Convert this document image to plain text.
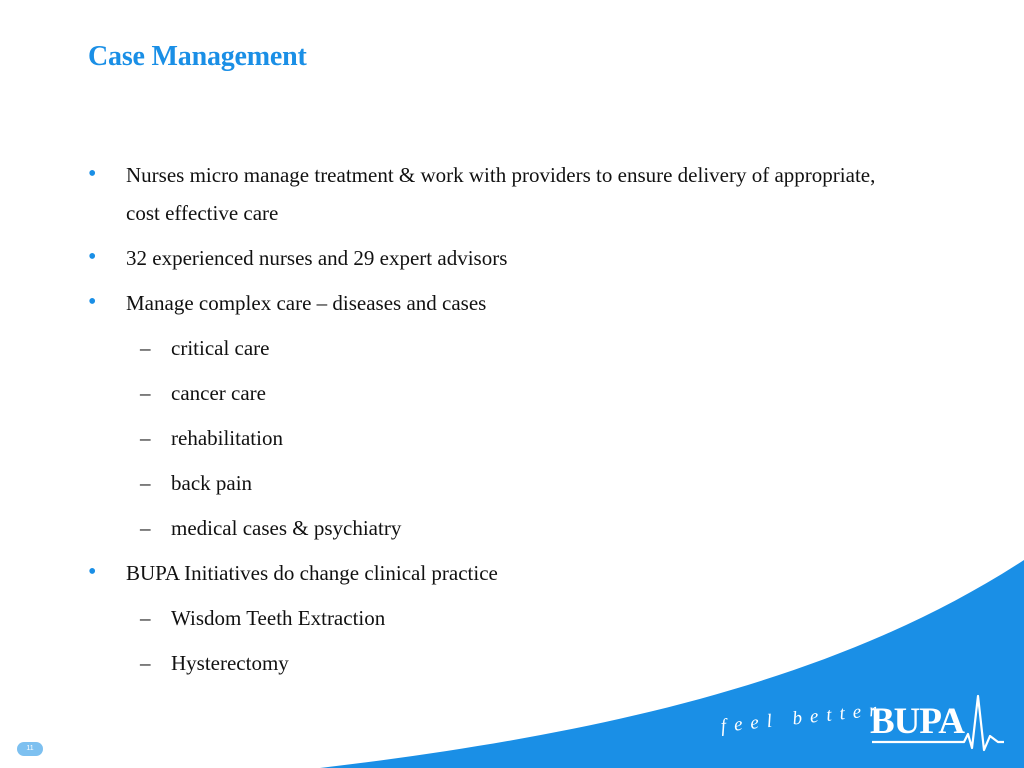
Case Management
• Nurses micro manage treatment & work with providers to ensure delivery of appropriate, cost effective care
• 32 experienced nurses and 29 expert advisors
• Manage complex care – diseases and cases
– critical care
– cancer care
– rehabilitation
– back pain
– medical cases & psychiatry
• BUPA Initiatives do change clinical practice
– Wisdom Teeth Extraction
– Hysterectomy
feel better
BUPA
11
